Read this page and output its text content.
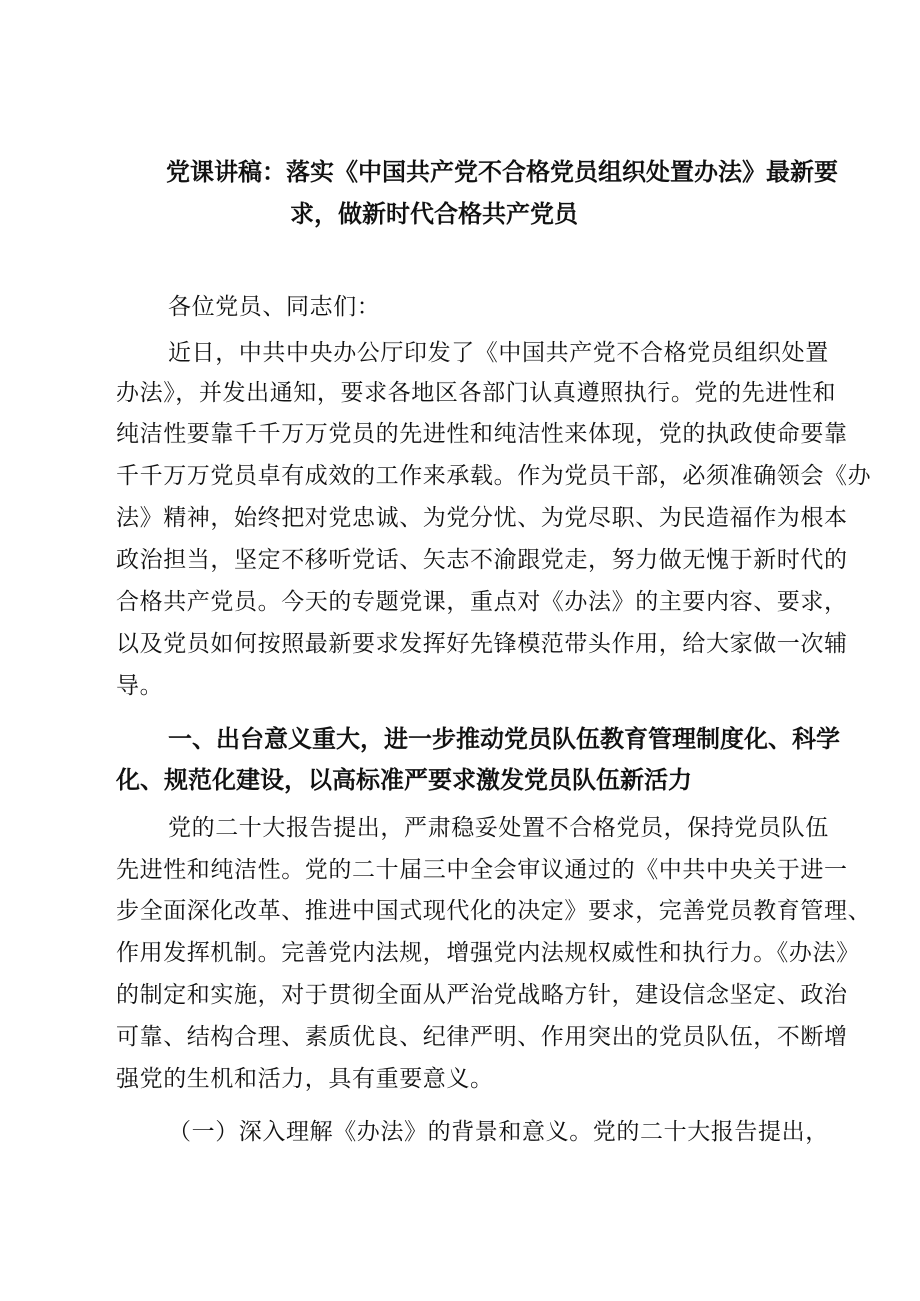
党课讲稿：落实《中国共产党不合格党员组织处置办法》最新要
求，做新时代合格共产党员

各位党员、同志们：

近日，中共中央办公厅印发了《中国共产党不合格党员组织处置

办法》，并发出通知，要求各地区各部门认真遵照执行。党的先进性和

纯洁性要靠千千万万党员的先进性和纯洁性来体现，党的执政使命要靠

千千万万党员卓有成效的工作来承载。作为党员干部，必须准确领会《办

法》精神，始终把对党忠诚、为党分忧、为党尽职、为民造福作为根本

政治担当，坚定不移听党话、矢志不渝跟党走，努力做无愧于新时代的

合格共产党员。今天的专题党课，重点对《办法》的主要内容、要求，

以及党员如何按照最新要求发挥好先锋模范带头作用，给大家做一次辅

导。

一、出台意义重大，进一步推动党员队伍教育管理制度化、科学
化、规范化建设，以高标准严要求激发党员队伍新活力

党的二十大报告提出，严肃稳妥处置不合格党员，保持党员队伍

先进性和纯洁性。党的二十届三中全会审议通过的《中共中央关于进一

步全面深化改革、推进中国式现代化的决定》要求，完善党员教育管理、

作用发挥机制。完善党内法规，增强党内法规权威性和执行力。《办法》

的制定和实施，对于贯彻全面从严治党战略方针，建设信念坚定、政治

可靠、结构合理、素质优良、纪律严明、作用突出的党员队伍，不断增

强党的生机和活力，具有重要意义。

（一）深入理解《办法》的背景和意义。党的二十大报告提出，
